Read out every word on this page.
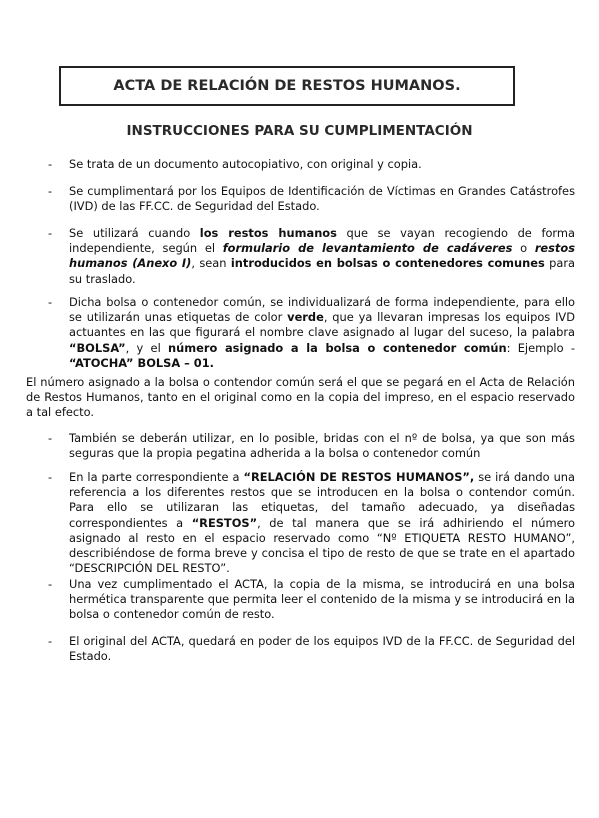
ACTA DE RELACIÓN DE RESTOS HUMANOS.
INSTRUCCIONES PARA SU CUMPLIMENTACIÓN
- Se trata de un documento autocopiativo, con original y copia.

- Se cumplimentará por los Equipos de Identificación de Víctimas en Grandes Catástrofes (IVD) de las FF.CC. de Seguridad del Estado.

- Se utilizará cuando los restos humanos que se vayan recogiendo de forma independiente, según el formulario de levantamiento de cadáveres o restos humanos (Anexo I), sean introducidos en bolsas o contenedores comunes para su traslado.

- Dicha bolsa o contenedor común, se individualizará de forma independiente, para ello se utilizarán unas etiquetas de color verde, que ya llevaran impresas los equipos IVD actuantes en las que figurará el nombre clave asignado al lugar del suceso, la palabra “BOLSA”, y el número asignado a la bolsa o contenedor común: Ejemplo - “ATOCHA” BOLSA – 01.

El número asignado a la bolsa o contendor común será el que se pegará en el Acta de Relación de Restos Humanos, tanto en el original como en la copia del impreso, en el espacio reservado a tal efecto.

- También se deberán utilizar, en lo posible, bridas con el nº de bolsa, ya que son más seguras que la propia pegatina adherida a la bolsa o contenedor común

- En la parte correspondiente a “RELACIÓN DE RESTOS HUMANOS”, se irá dando una referencia a los diferentes restos que se introducen en la bolsa o contendor común. Para ello se utilizaran las etiquetas, del tamaño adecuado, ya diseñadas correspondientes a “RESTOS”, de tal manera que se irá adhiriendo el número asignado al resto en el espacio reservado como “Nº ETIQUETA RESTO HUMANO”, describiéndose de forma breve y concisa el tipo de resto de que se trate en el apartado “DESCRIPCIÓN DEL RESTO”.

- Una vez cumplimentado el ACTA, la copia de la misma, se introducirá en una bolsa hermética transparente que permita leer el contenido de la misma y se introducirá en la bolsa o contenedor común de resto.

- El original del ACTA, quedará en poder de los equipos IVD de la FF.CC. de Seguridad del Estado.
